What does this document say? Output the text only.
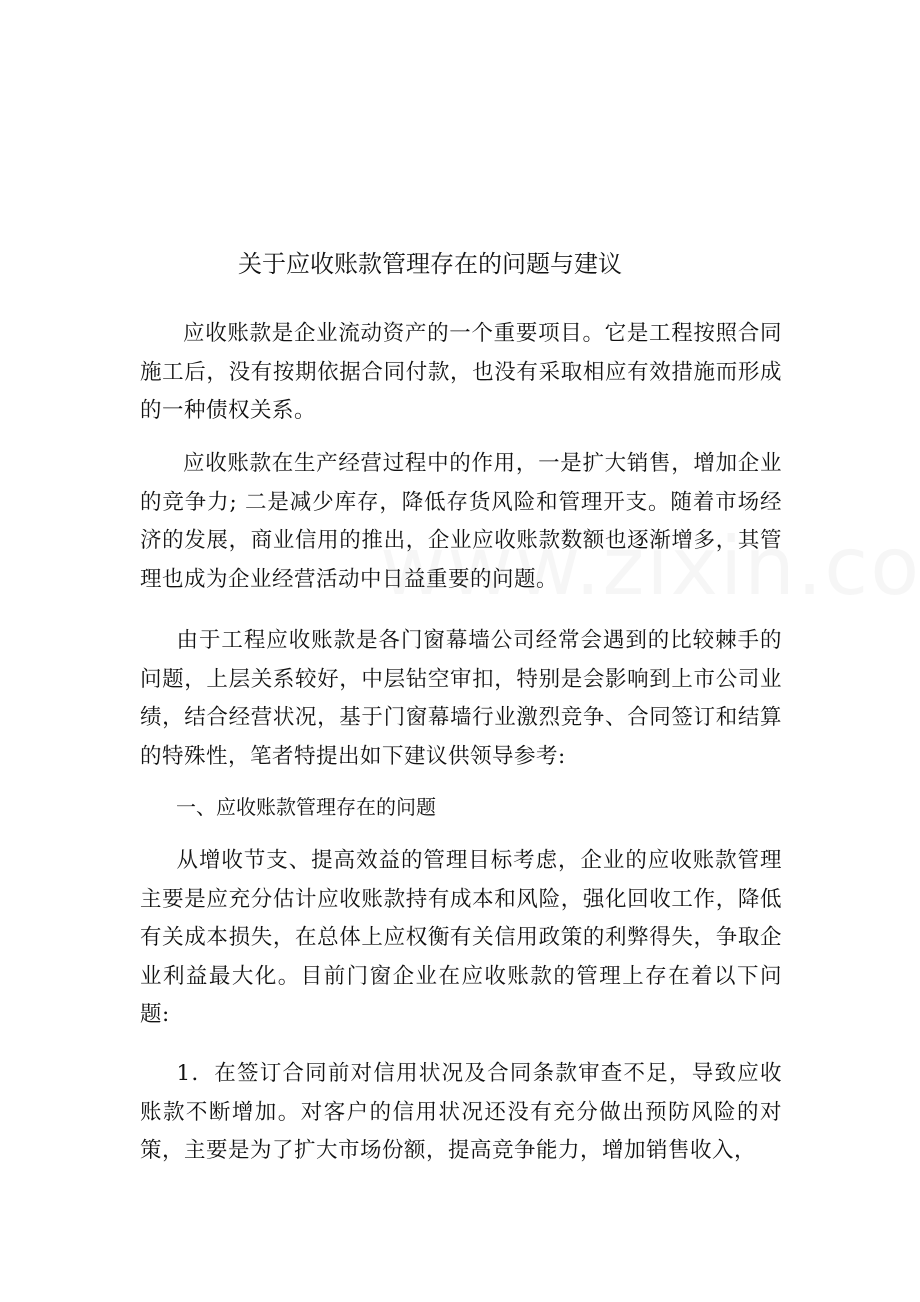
关于应收账款管理存在的问题与建议

应收账款是企业流动资产的一个重要项目。它是工程按照合同施工后，没有按期依据合同付款，也没有采取相应有效措施而形成的一种债权关系。

应收账款在生产经营过程中的作用，一是扩大销售，增加企业的竞争力; 二是减少库存，降低存货风险和管理开支。随着市场经济的发展，商业信用的推出，企业应收账款数额也逐渐增多，其管理也成为企业经营活动中日益重要的问题。

由于工程应收账款是各门窗幕墙公司经常会遇到的比较棘手的问题，上层关系较好，中层钻空审扣，特别是会影响到上市公司业绩，结合经营状况，基于门窗幕墙行业激烈竞争、合同签订和结算的特殊性，笔者特提出如下建议供领导参考:

一、应收账款管理存在的问题

从增收节支、提高效益的管理目标考虑，企业的应收账款管理主要是应充分估计应收账款持有成本和风险，强化回收工作，降低有关成本损失，在总体上应权衡有关信用政策的利弊得失，争取企业利益最大化。目前门窗企业在应收账款的管理上存在着以下问题:

1．在签订合同前对信用状况及合同条款审查不足，导致应收账款不断增加。对客户的信用状况还没有充分做出预防风险的对策，主要是为了扩大市场份额，提高竞争能力，增加销售收入，
